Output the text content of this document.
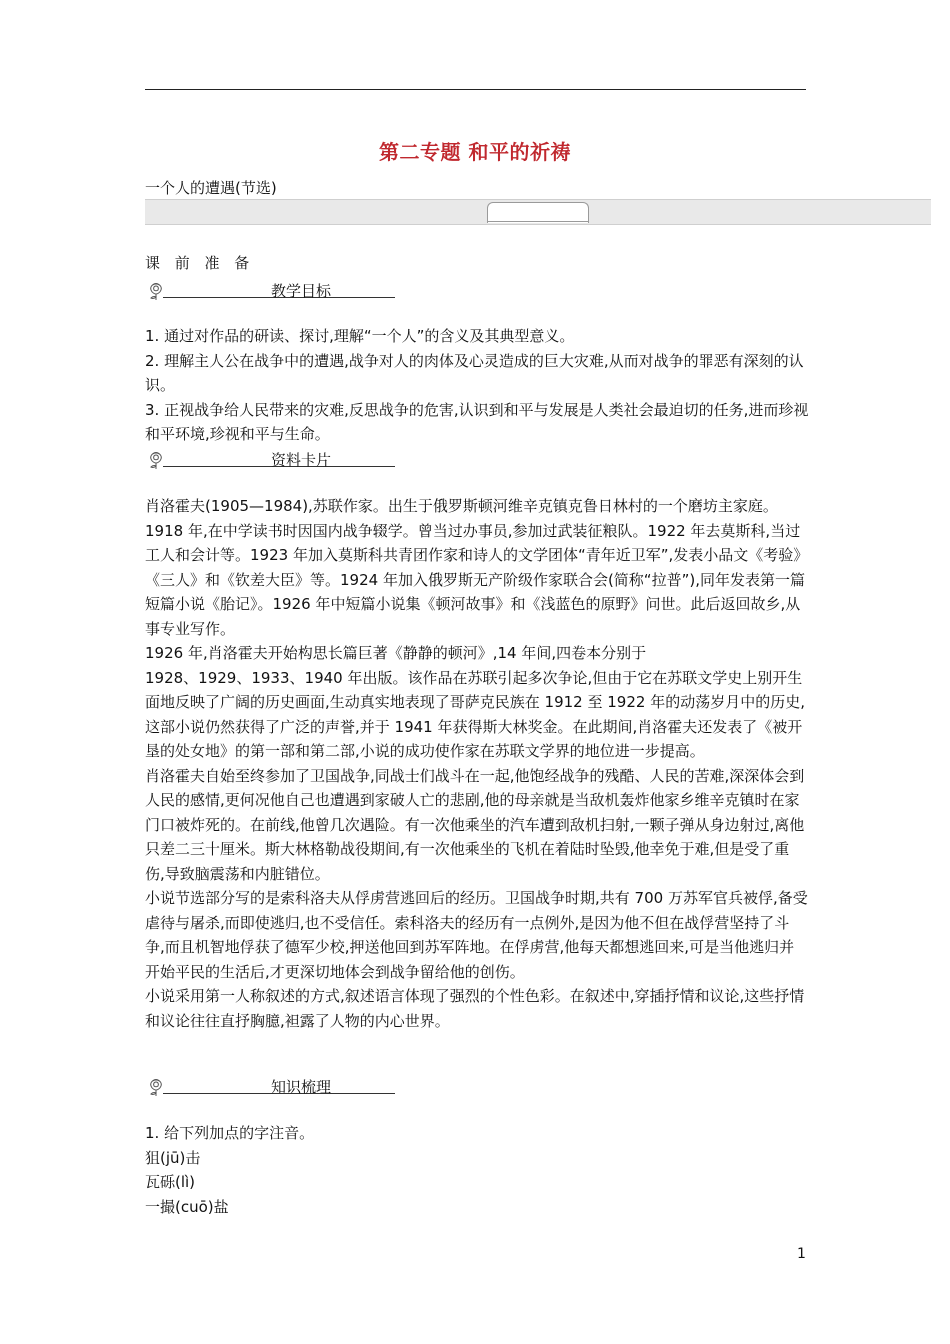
第二专题 和平的祈祷
一个人的遭遇(节选)
课 前 准 备
教学目标

1. 通过对作品的研读、探讨,理解“一个人”的含义及其典型意义。

2. 理解主人公在战争中的遭遇,战争对人的肉体及心灵造成的巨大灾难,从而对战争的罪恶有深刻的认识。

3. 正视战争给人民带来的灾难,反思战争的危害,认识到和平与发展是人类社会最迫切的任务,进而珍视和平环境,珍视和平与生命。

资料卡片

肖洛霍夫(1905—1984),苏联作家。出生于俄罗斯顿河维辛克镇克鲁日林村的一个磨坊主家庭。1918 年,在中学读书时因国内战争辍学。曾当过办事员,参加过武装征粮队。1922 年去莫斯科,当过工人和会计等。1923 年加入莫斯科共青团作家和诗人的文学团体“青年近卫军”,发表小品文《考验》《三人》和《钦差大臣》等。1924 年加入俄罗斯无产阶级作家联合会(简称“拉普”),同年发表第一篇短篇小说《胎记》。1926 年中短篇小说集《顿河故事》和《浅蓝色的原野》问世。此后返回故乡,从事专业写作。

1926 年,肖洛霍夫开始构思长篇巨著《静静的顿河》,14 年间,四卷本分别于

1928、1929、1933、1940 年出版。该作品在苏联引起多次争论,但由于它在苏联文学史上别开生面地反映了广阔的历史画面,生动真实地表现了哥萨克民族在 1912 至 1922 年的动荡岁月中的历史,这部小说仍然获得了广泛的声誉,并于 1941 年获得斯大林奖金。在此期间,肖洛霍夫还发表了《被开垦的处女地》的第一部和第二部,小说的成功使作家在苏联文学界的地位进一步提高。

肖洛霍夫自始至终参加了卫国战争,同战士们战斗在一起,他饱经战争的残酷、人民的苦难,深深体会到人民的感情,更何况他自己也遭遇到家破人亡的悲剧,他的母亲就是当敌机轰炸他家乡维辛克镇时在家门口被炸死的。在前线,他曾几次遇险。有一次他乘坐的汽车遭到敌机扫射,一颗子弹从身边射过,离他只差二三十厘米。斯大林格勒战役期间,有一次他乘坐的飞机在着陆时坠毁,他幸免于难,但是受了重伤,导致脑震荡和内脏错位。

小说节选部分写的是索科洛夫从俘虏营逃回后的经历。卫国战争时期,共有 700 万苏军官兵被俘,备受虐待与屠杀,而即使逃归,也不受信任。索科洛夫的经历有一点例外,是因为他不但在战俘营坚持了斗争,而且机智地俘获了德军少校,押送他回到苏军阵地。在俘虏营,他每天都想逃回来,可是当他逃归并开始平民的生活后,才更深切地体会到战争留给他的创伤。

小说采用第一人称叙述的方式,叙述语言体现了强烈的个性色彩。在叙述中,穿插抒情和议论,这些抒情和议论往往直抒胸臆,袒露了人物的内心世界。

知识梳理

1. 给下列加点的字注音。

狙(jū)击

瓦砾(lì)

一撮(cuō)盐

1
